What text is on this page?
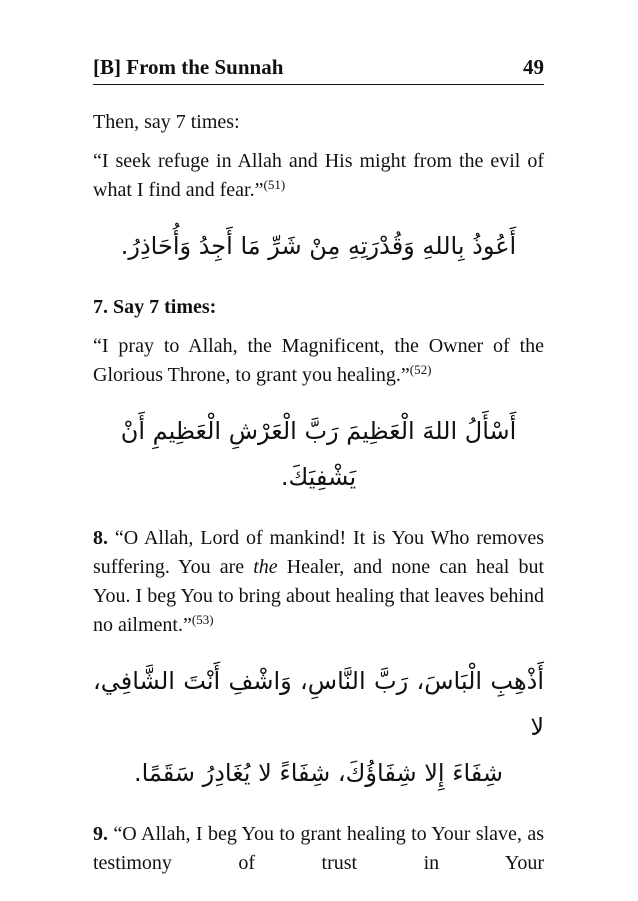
[B] From the Sunnah	49

Then, say 7 times:

“I seek refuge in Allah and His might from the evil of what I find and fear.”$^{(51)}$

أَعُوذُ بِاللهِ وَقُدْرَتِهِ مِنْ شَرِّ مَا أَجِدُ وَأُحَاذِرُ.

7. Say 7 times:

“I pray to Allah, the Magnificent, the Owner of the Glorious Throne, to grant you healing.”$^{(52)}$

أَسْأَلُ اللهَ الْعَظِيمَ رَبَّ الْعَرْشِ الْعَظِيمِ أَنْ يَشْفِيَكَ.

8. “O Allah, Lord of mankind! It is You Who removes suffering. You are the Healer, and none can heal but You. I beg You to bring about healing that leaves behind no ailment.”$^{(53)}$

أَذْهِبِ الْبَاسَ، رَبَّ النَّاسِ، وَاشْفِ أَنْتَ الشَّافِي، لا

شِفَاءَ إِلا شِفَاؤُكَ، شِفَاءً لا يُغَادِرُ سَقَمًا.

9. “O Allah, I beg You to grant healing to Your slave, as testimony of trust in Your
